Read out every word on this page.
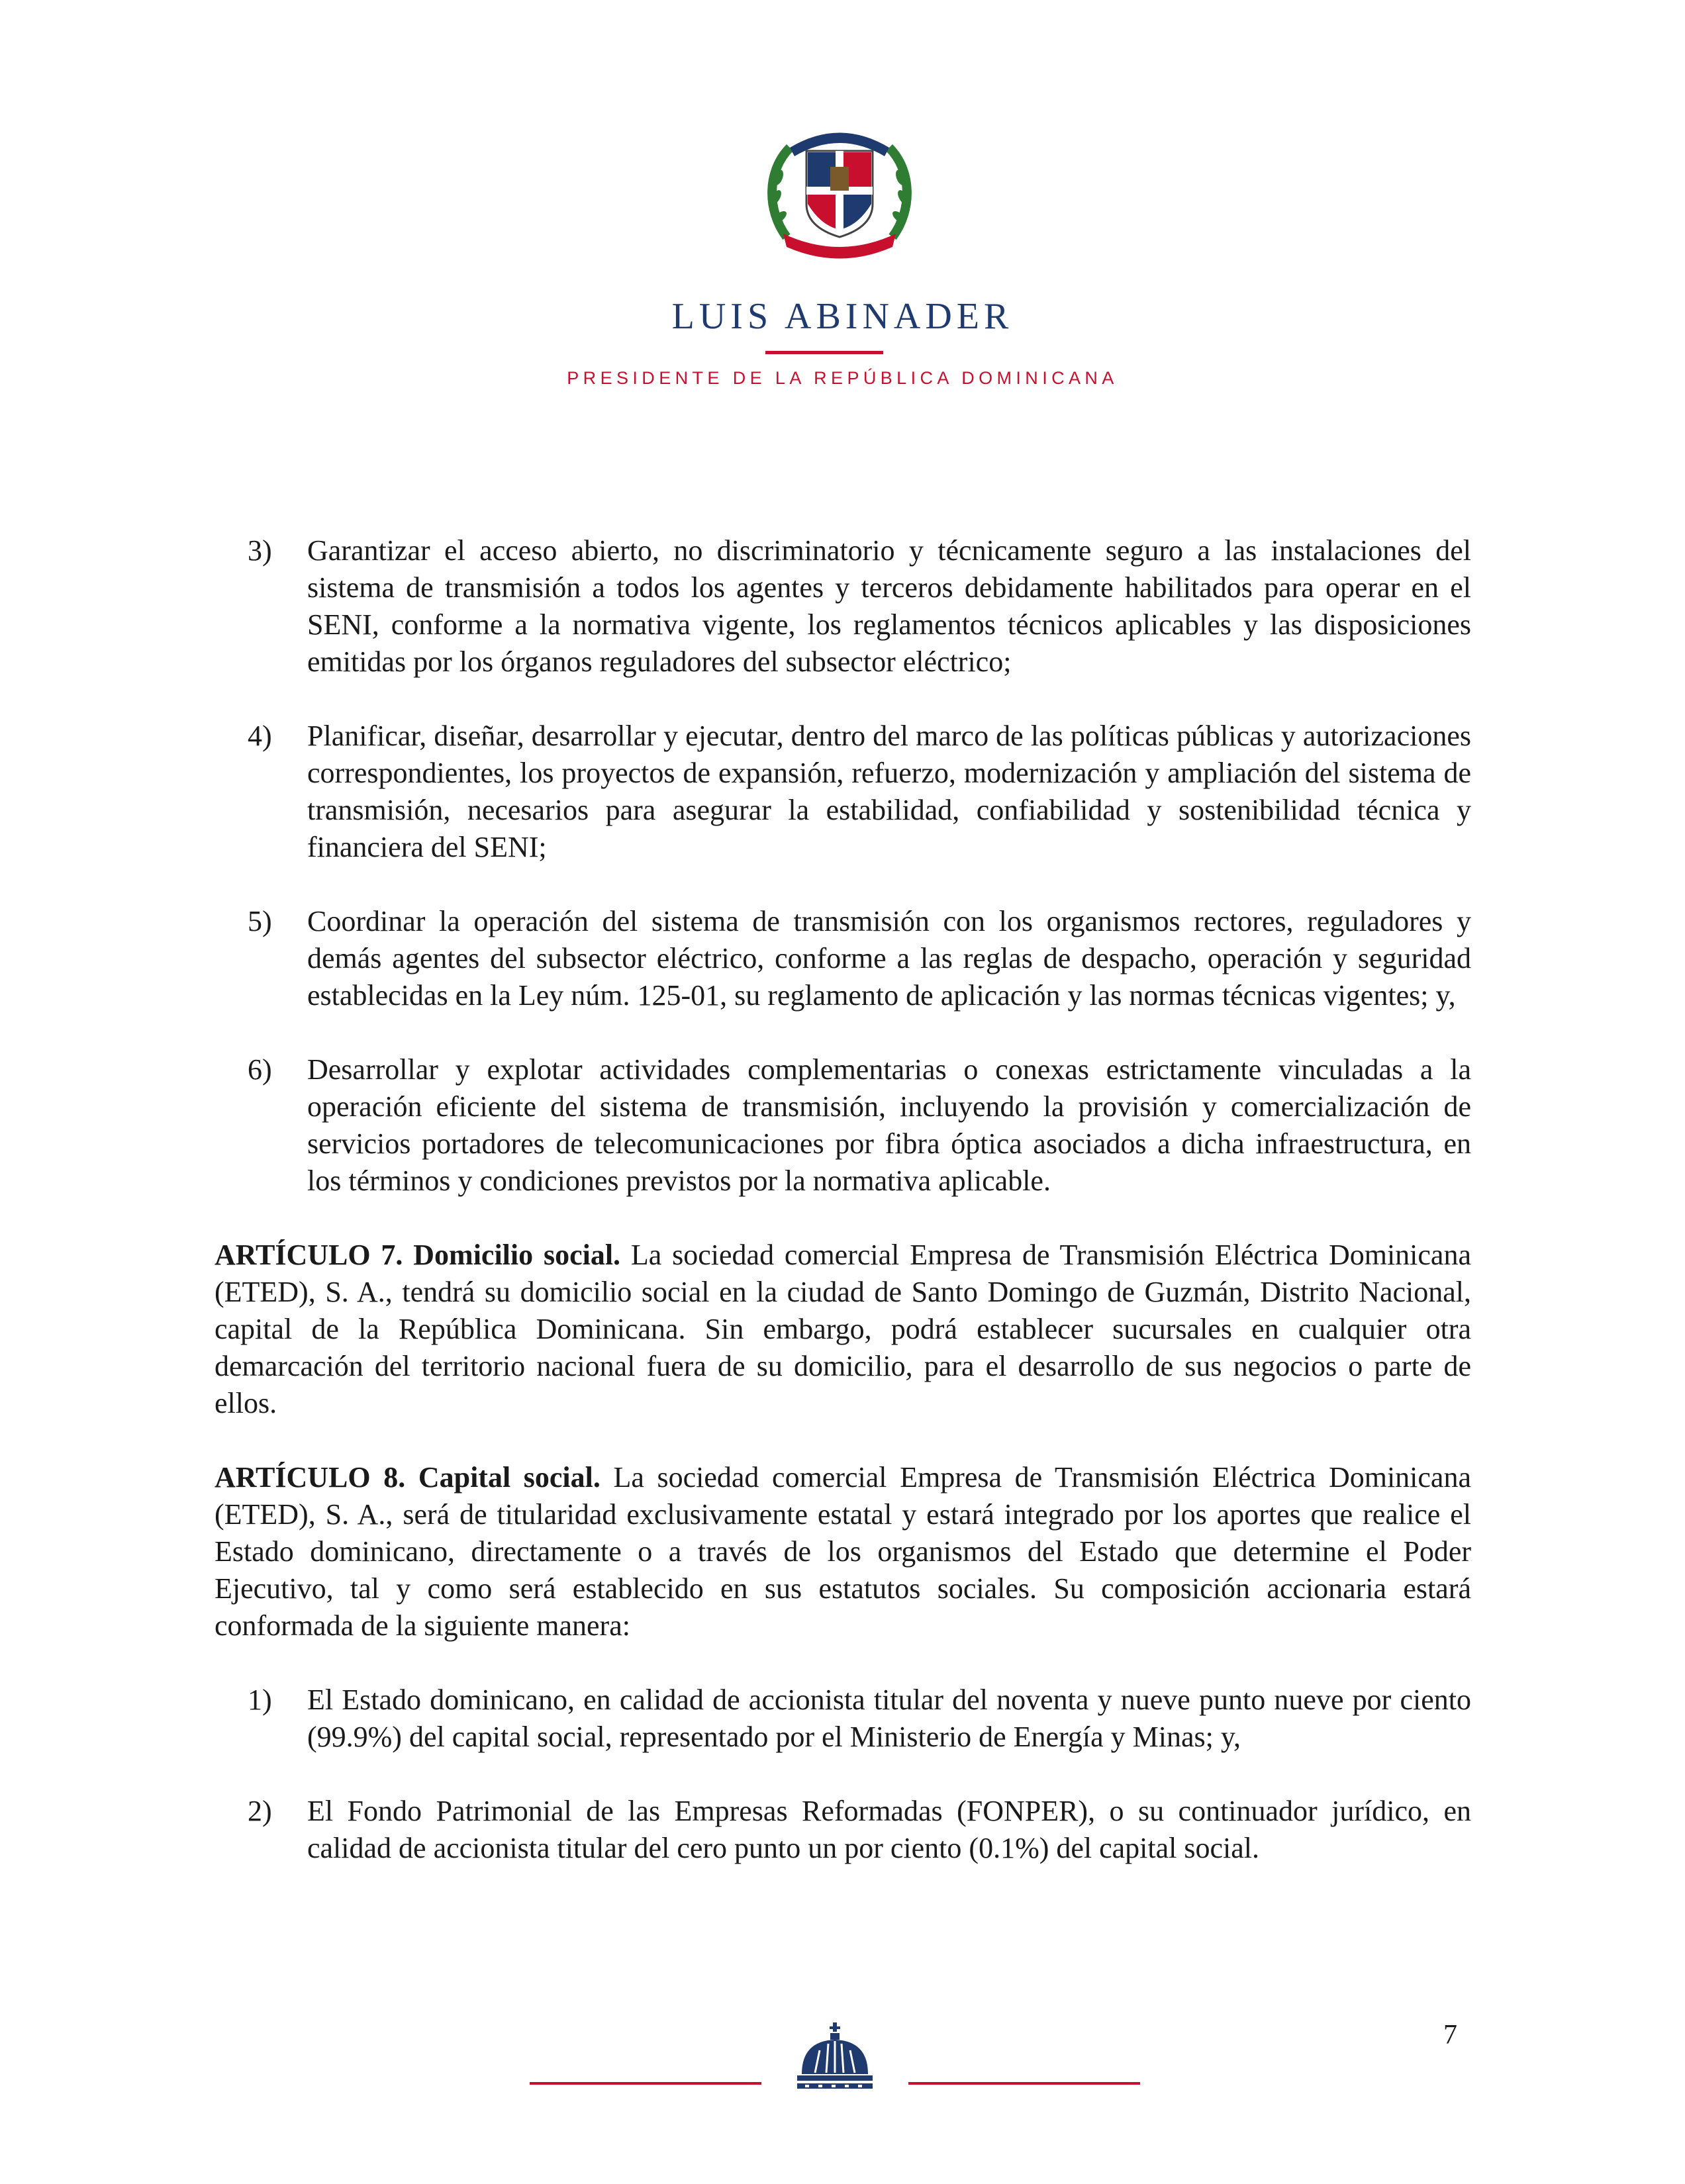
LUIS ABINADER
PRESIDENTE DE LA REPÚBLICA DOMINICANA
3) Garantizar el acceso abierto, no discriminatorio y técnicamente seguro a las instalaciones del sistema de transmisión a todos los agentes y terceros debidamente habilitados para operar en el SENI, conforme a la normativa vigente, los reglamentos técnicos aplicables y las disposiciones emitidas por los órganos reguladores del subsector eléctrico;
4) Planificar, diseñar, desarrollar y ejecutar, dentro del marco de las políticas públicas y autorizaciones correspondientes, los proyectos de expansión, refuerzo, modernización y ampliación del sistema de transmisión, necesarios para asegurar la estabilidad, confiabilidad y sostenibilidad técnica y financiera del SENI;
5) Coordinar la operación del sistema de transmisión con los organismos rectores, reguladores y demás agentes del subsector eléctrico, conforme a las reglas de despacho, operación y seguridad establecidas en la Ley núm. 125-01, su reglamento de aplicación y las normas técnicas vigentes; y,
6) Desarrollar y explotar actividades complementarias o conexas estrictamente vinculadas a la operación eficiente del sistema de transmisión, incluyendo la provisión y comercialización de servicios portadores de telecomunicaciones por fibra óptica asociados a dicha infraestructura, en los términos y condiciones previstos por la normativa aplicable.
ARTÍCULO 7. Domicilio social. La sociedad comercial Empresa de Transmisión Eléctrica Dominicana (ETED), S. A., tendrá su domicilio social en la ciudad de Santo Domingo de Guzmán, Distrito Nacional, capital de la República Dominicana. Sin embargo, podrá establecer sucursales en cualquier otra demarcación del territorio nacional fuera de su domicilio, para el desarrollo de sus negocios o parte de ellos.
ARTÍCULO 8. Capital social. La sociedad comercial Empresa de Transmisión Eléctrica Dominicana (ETED), S. A., será de titularidad exclusivamente estatal y estará integrado por los aportes que realice el Estado dominicano, directamente o a través de los organismos del Estado que determine el Poder Ejecutivo, tal y como será establecido en sus estatutos sociales. Su composición accionaria estará conformada de la siguiente manera:
1) El Estado dominicano, en calidad de accionista titular del noventa y nueve punto nueve por ciento (99.9%) del capital social, representado por el Ministerio de Energía y Minas; y,
2) El Fondo Patrimonial de las Empresas Reformadas (FONPER), o su continuador jurídico, en calidad de accionista titular del cero punto un por ciento (0.1%) del capital social.
7
